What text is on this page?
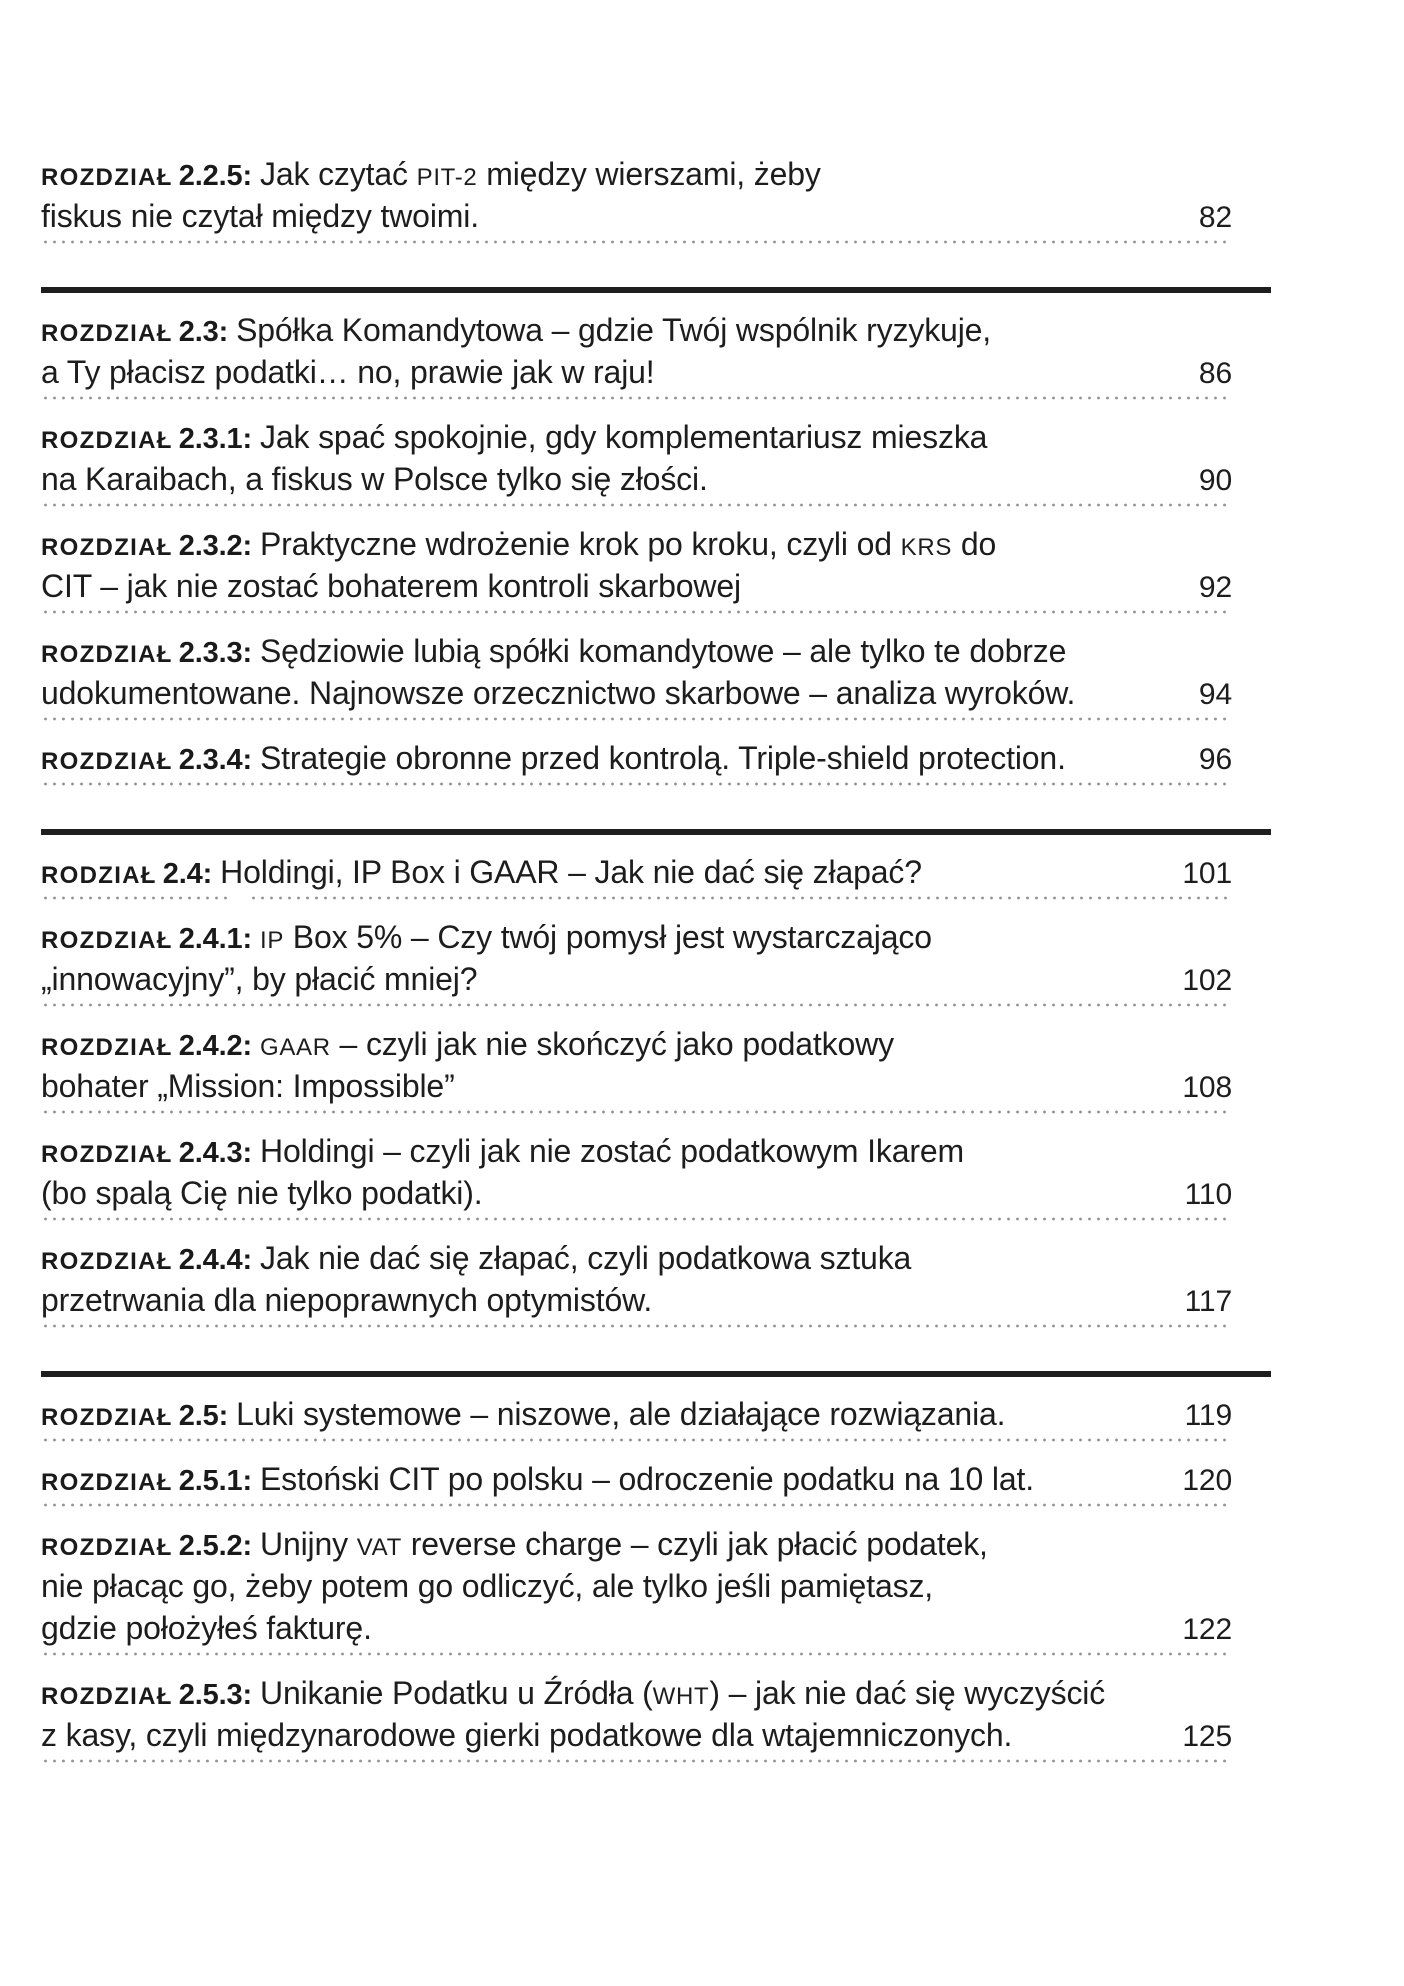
ROZDZIAŁ 2.2.5: Jak czytać PIT-2 między wierszami, żeby
fiskus nie czytał między twoimi.	82
ROZDZIAŁ 2.3: Spółka Komandytowa – gdzie Twój wspólnik ryzykuje,
a Ty płacisz podatki… no, prawie jak w raju!	86
ROZDZIAŁ 2.3.1: Jak spać spokojnie, gdy komplementariusz mieszka
na Karaibach, a fiskus w Polsce tylko się złości.	90
ROZDZIAŁ 2.3.2: Praktyczne wdrożenie krok po kroku, czyli od KRS do
CIT – jak nie zostać bohaterem kontroli skarbowej	92
ROZDZIAŁ 2.3.3: Sędziowie lubią spółki komandytowe – ale tylko te dobrze
udokumentowane. Najnowsze orzecznictwo skarbowe – analiza wyroków.	94
ROZDZIAŁ 2.3.4: Strategie obronne przed kontrolą. Triple-shield protection.	96
RODZIAŁ 2.4: Holdingi, IP Box i GAAR – Jak nie dać się złapać?	101
ROZDZIAŁ 2.4.1: IP Box 5% – Czy twój pomysł jest wystarczająco
„innowacyjny”, by płacić mniej?	102
ROZDZIAŁ 2.4.2: GAAR – czyli jak nie skończyć jako podatkowy
bohater „Mission: Impossible”	108
ROZDZIAŁ 2.4.3: Holdingi – czyli jak nie zostać podatkowym Ikarem
(bo spalą Cię nie tylko podatki).	110
ROZDZIAŁ 2.4.4: Jak nie dać się złapać, czyli podatkowa sztuka
przetrwania dla niepoprawnych optymistów.	117
ROZDZIAŁ 2.5: Luki systemowe – niszowe, ale działające rozwiązania.	119
ROZDZIAŁ 2.5.1: Estoński CIT po polsku – odroczenie podatku na 10 lat.	120
ROZDZIAŁ 2.5.2: Unijny VAT reverse charge – czyli jak płacić podatek,
nie płacąc go, żeby potem go odliczyć, ale tylko jeśli pamiętasz,
gdzie położyłeś fakturę.	122
ROZDZIAŁ 2.5.3: Unikanie Podatku u Źródła (WHT) – jak nie dać się wyczyścić
z kasy, czyli międzynarodowe gierki podatkowe dla wtajemniczonych.	125
